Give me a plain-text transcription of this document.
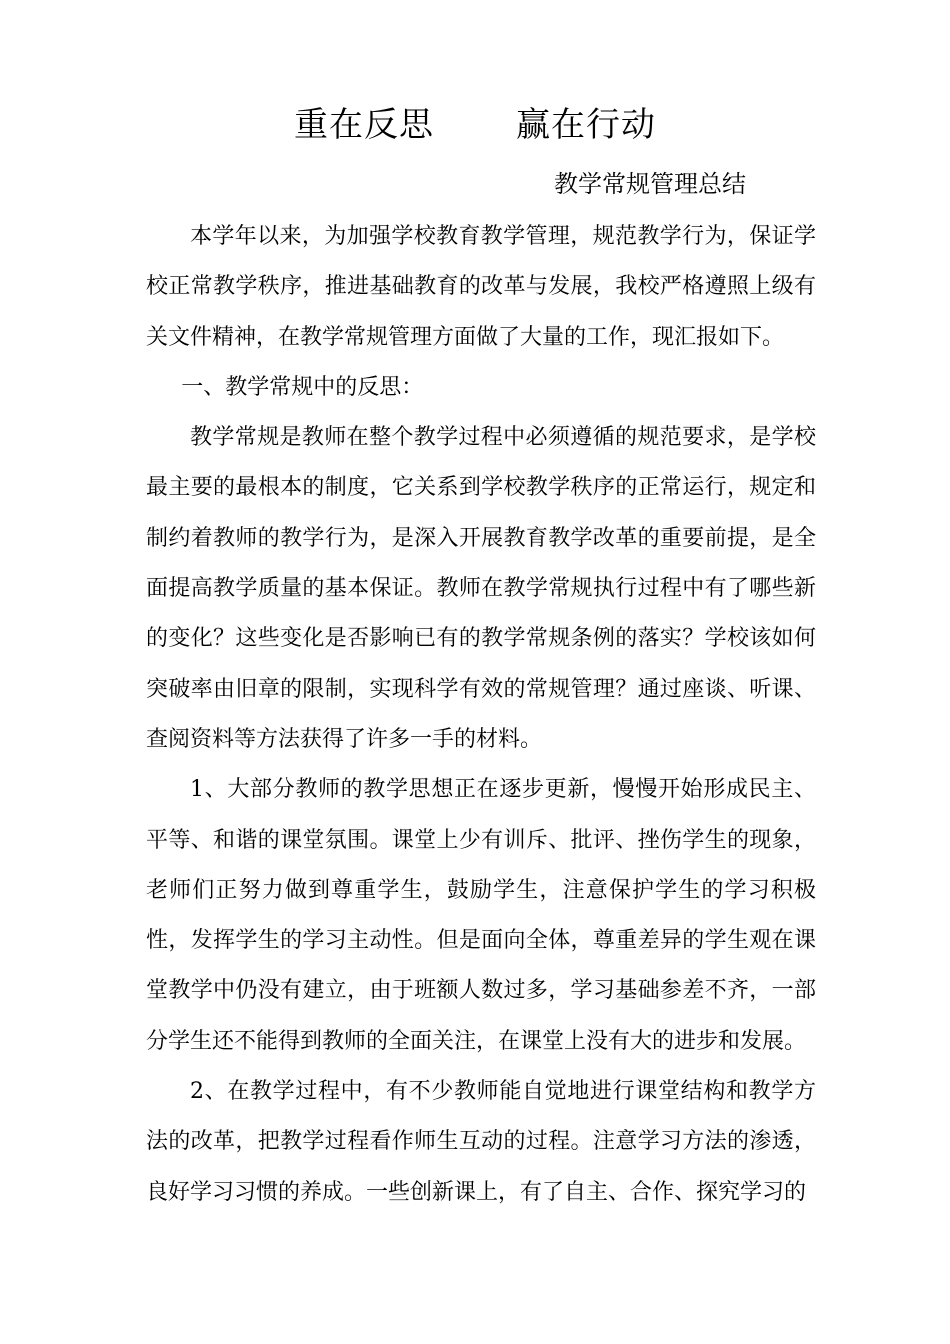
重在反思 赢在行动
教学常规管理总结

本学年以来，为加强学校教育教学管理，规范教学行为，保证学校正常教学秩序，推进基础教育的改革与发展，我校严格遵照上级有关文件精神，在教学常规管理方面做了大量的工作，现汇报如下。

一、教学常规中的反思：

教学常规是教师在整个教学过程中必须遵循的规范要求，是学校最主要的最根本的制度，它关系到学校教学秩序的正常运行，规定和制约着教师的教学行为，是深入开展教育教学改革的重要前提，是全面提高教学质量的基本保证。教师在教学常规执行过程中有了哪些新的变化？这些变化是否影响已有的教学常规条例的落实？学校该如何突破率由旧章的限制，实现科学有效的常规管理？通过座谈、听课、查阅资料等方法获得了许多一手的材料。

1、大部分教师的教学思想正在逐步更新，慢慢开始形成民主、平等、和谐的课堂氛围。课堂上少有训斥、批评、挫伤学生的现象，老师们正努力做到尊重学生，鼓励学生，注意保护学生的学习积极性，发挥学生的学习主动性。但是面向全体，尊重差异的学生观在课堂教学中仍没有建立，由于班额人数过多，学习基础参差不齐，一部分学生还不能得到教师的全面关注，在课堂上没有大的进步和发展。

2、在教学过程中，有不少教师能自觉地进行课堂结构和教学方法的改革，把教学过程看作师生互动的过程。注意学习方法的渗透，良好学习习惯的养成。一些创新课上，有了自主、合作、探究学习的
